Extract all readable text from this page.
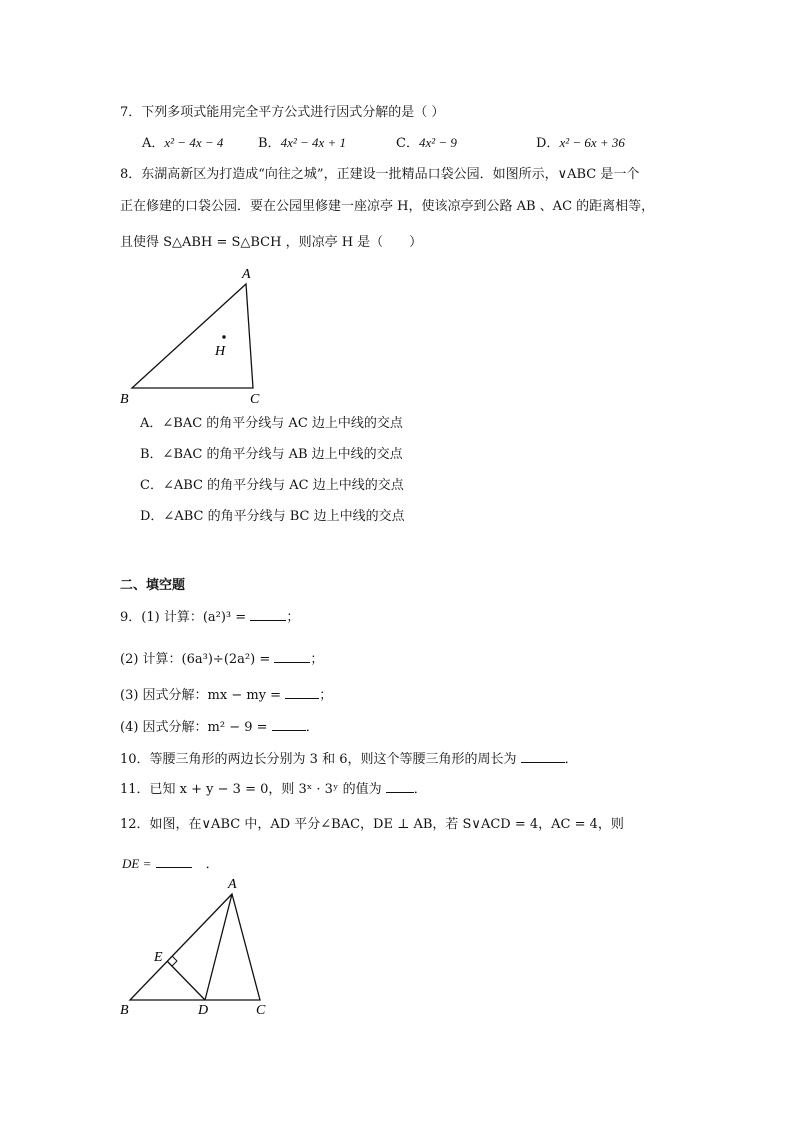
7．下列多项式能用完全平方公式进行因式分解的是（ ）
A．x² − 4x − 4	B．4x² − 4x + 1	C．4x² − 9	D．x² − 6x + 36
8．东湖高新区为打造成“向往之城”，正建设一批精品口袋公园．如图所示，∨ABC 是一个
正在修建的口袋公园．要在公园里修建一座凉亭 H，使该凉亭到公路 AB 、AC 的距离相等，
且使得 S△ABH = S△BCH ，则凉亭 H 是（　　）
A
B	C
H
A．∠BAC 的角平分线与 AC 边上中线的交点
B．∠BAC 的角平分线与 AB 边上中线的交点
C．∠ABC 的角平分线与 AC 边上中线的交点
D．∠ABC 的角平分线与 BC 边上中线的交点
二、填空题
9．(1) 计算：(a²)³ =	；
(2) 计算：(6a³)÷(2a²) =	；
(3) 因式分解：mx − my =	；
(4) 因式分解：m² − 9 =	．
10．等腰三角形的两边长分别为 3 和 6，则这个等腰三角形的周长为	．
11．已知 x + y − 3 = 0，则 3ˣ · 3ʸ 的值为 ．
12．如图，在∨ABC 中，AD 平分∠BAC，DE ⊥ AB，若 S∨ACD = 4，AC = 4，则
DE =	．
A
B	C
D
E
